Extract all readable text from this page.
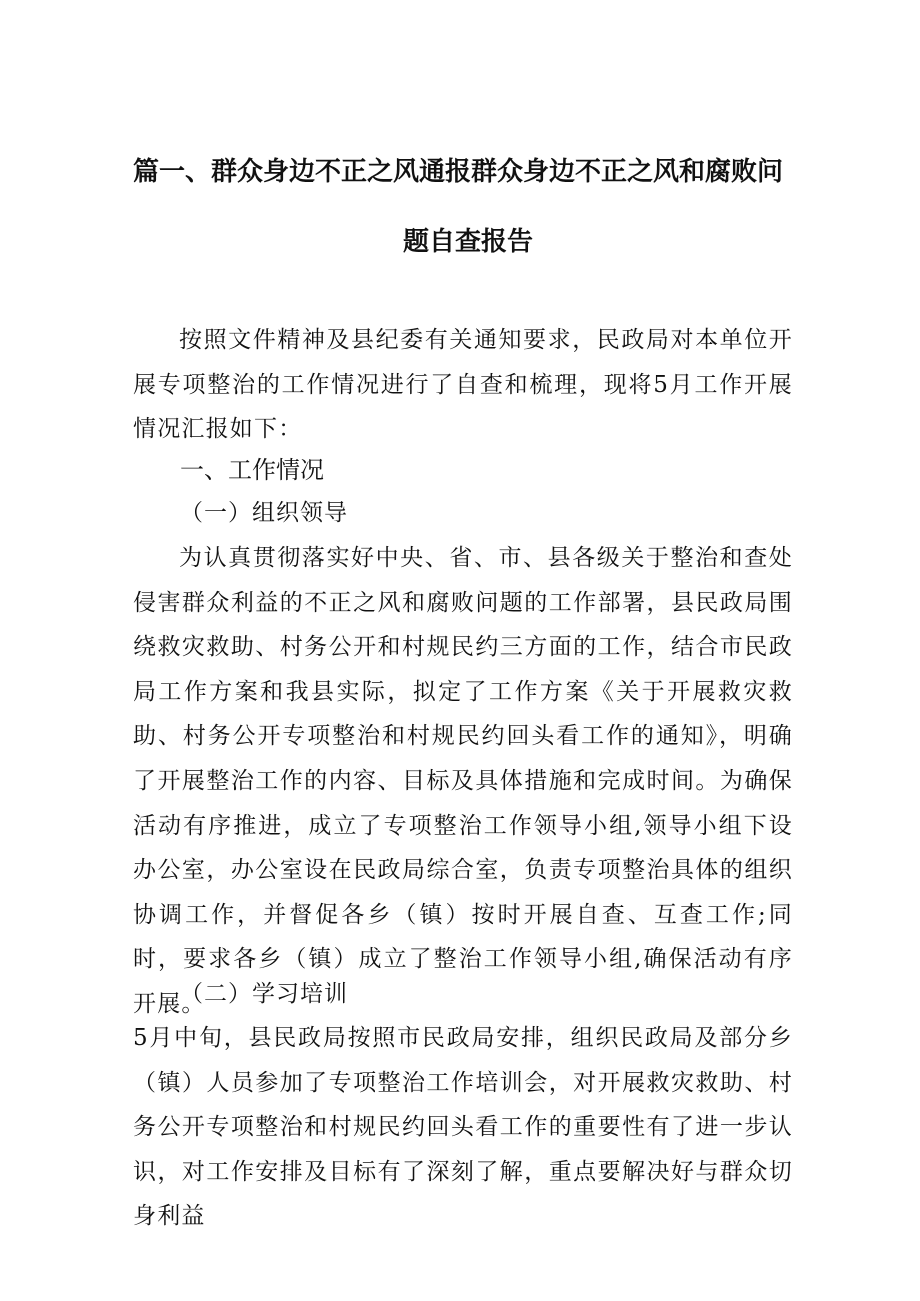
篇一、群众身边不正之风通报群众身边不正之风和腐败问
题自查报告

按照文件精神及县纪委有关通知要求，民政局对本单位开展专项整治的工作情况进行了自查和梳理，现将5月工作开展情况汇报如下：

一、工作情况
（一）组织领导

为认真贯彻落实好中央、省、市、县各级关于整治和查处侵害群众利益的不正之风和腐败问题的工作部署，县民政局围绕救灾救助、村务公开和村规民约三方面的工作，结合市民政局工作方案和我县实际，拟定了工作方案《关于开展救灾救助、村务公开专项整治和村规民约回头看工作的通知》，明确了开展整治工作的内容、目标及具体措施和完成时间。为确保活动有序推进，成立了专项整治工作领导小组,领导小组下设办公室，办公室设在民政局综合室，负责专项整治具体的组织协调工作，并督促各乡（镇）按时开展自查、互查工作;同时，要求各乡（镇）成立了整治工作领导小组,确保活动有序开展。

（二）学习培训

5月中旬，县民政局按照市民政局安排，组织民政局及部分乡（镇）人员参加了专项整治工作培训会，对开展救灾救助、村务公开专项整治和村规民约回头看工作的重要性有了进一步认识，对工作安排及目标有了深刻了解，重点要解决好与群众切身利益
